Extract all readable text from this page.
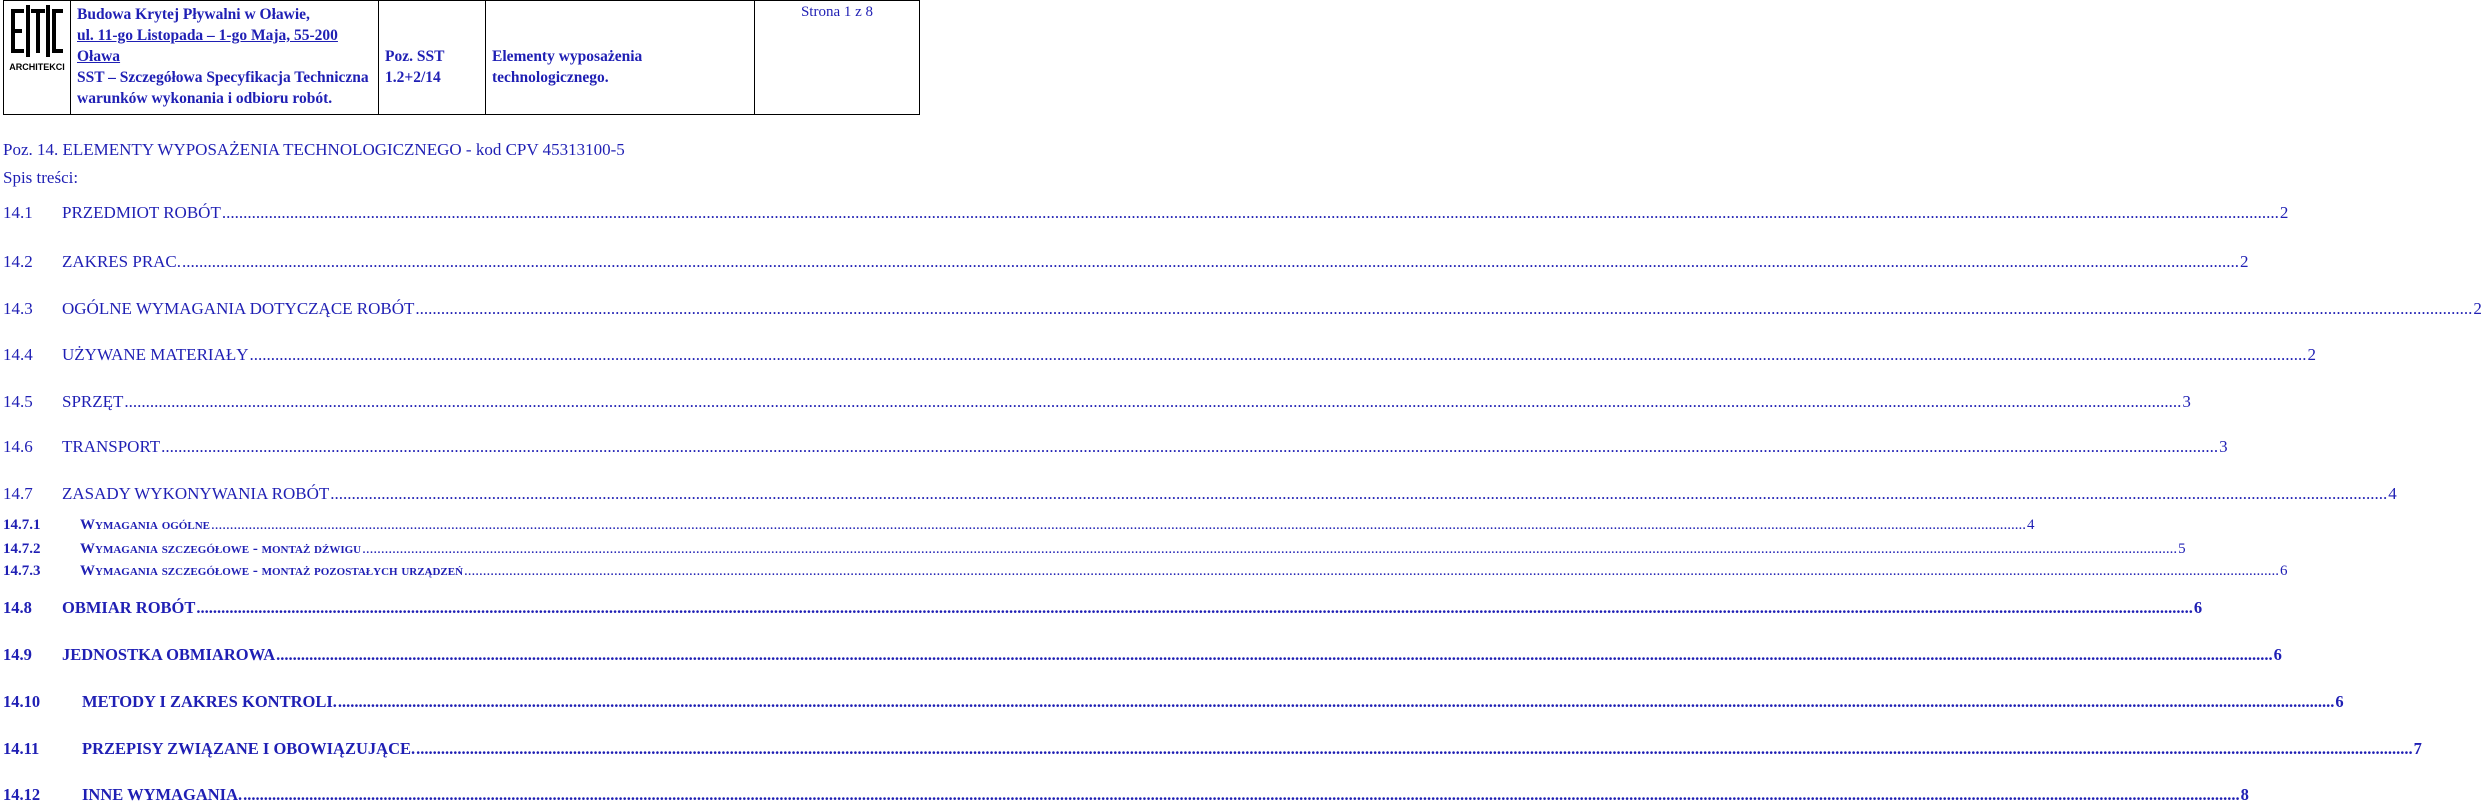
ARCHITEKCI

Budowa Krytej Pływalni w Oławie,
ul. 11-go Listopada – 1-go Maja, 55-200 Oława
SST – Szczegółowa Specyfikacja Techniczna warunków wykonania i odbioru robót.

Poz. SST
1.2+2/14

Elementy wyposażenia technologicznego.

Strona 1 z 8
Poz. 14. ELEMENTY WYPOSAŻENIA TECHNOLOGICZNEGO - kod CPV 45313100-5
Spis treści:
14.1	PRZEDMIOT ROBÓT .....	2
14.2	ZAKRES PRAC. .....	2
14.3	OGÓLNE WYMAGANIA DOTYCZĄCE ROBÓT .....	2
14.4	UŻYWANE MATERIAŁY .....	2
14.5	SPRZĘT .....	3
14.6	TRANSPORT .....	3
14.7	ZASADY WYKONYWANIA ROBÓT .....	4
14.7.1	Wymagania ogólne .....	4
14.7.2	Wymagania szczegółowe - montaż dźwigu .....	5
14.7.3	Wymagania szczegółowe - montaż pozostałych urządzeń .....	6
14.8	OBMIAR ROBÓT .....	6
14.9	JEDNOSTKA OBMIAROWA .....	6
14.10	METODY I ZAKRES KONTROLI. .....	6
14.11	PRZEPISY ZWIĄZANE I OBOWIĄZUJĄCE. .....	7
14.12	INNE WYMAGANIA. .....	8
